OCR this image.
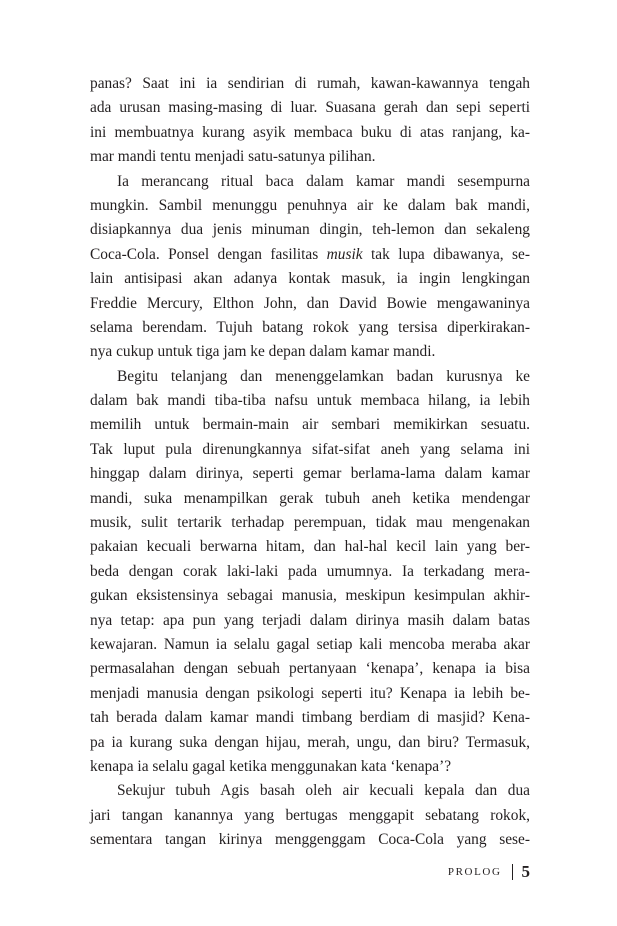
panas? Saat ini ia sendirian di rumah, kawan-kawannya tengah
ada urusan masing-masing di luar. Suasana gerah dan sepi seperti
ini membuatnya kurang asyik membaca buku di atas ranjang, ka-
mar mandi tentu menjadi satu-satunya pilihan.
Ia merancang ritual baca dalam kamar mandi sesempurna
mungkin. Sambil menunggu penuhnya air ke dalam bak mandi,
disiapkannya dua jenis minuman dingin, teh-lemon dan sekaleng
Coca-Cola. Ponsel dengan fasilitas musik tak lupa dibawanya, se-
lain antisipasi akan adanya kontak masuk, ia ingin lengkingan
Freddie Mercury, Elthon John, dan David Bowie mengawaninya
selama berendam. Tujuh batang rokok yang tersisa diperkirakan-
nya cukup untuk tiga jam ke depan dalam kamar mandi.
Begitu telanjang dan menenggelamkan badan kurusnya ke
dalam bak mandi tiba-tiba nafsu untuk membaca hilang, ia lebih
memilih untuk bermain-main air sembari memikirkan sesuatu.
Tak luput pula direnungkannya sifat-sifat aneh yang selama ini
hinggap dalam dirinya, seperti gemar berlama-lama dalam kamar
mandi, suka menampilkan gerak tubuh aneh ketika mendengar
musik, sulit tertarik terhadap perempuan, tidak mau mengenakan
pakaian kecuali berwarna hitam, dan hal-hal kecil lain yang ber-
beda dengan corak laki-laki pada umumnya. Ia terkadang mera-
gukan eksistensinya sebagai manusia, meskipun kesimpulan akhir-
nya tetap: apa pun yang terjadi dalam dirinya masih dalam batas
kewajaran. Namun ia selalu gagal setiap kali mencoba meraba akar
permasalahan dengan sebuah pertanyaan ‘kenapa’, kenapa ia bisa
menjadi manusia dengan psikologi seperti itu? Kenapa ia lebih be-
tah berada dalam kamar mandi timbang berdiam di masjid? Kena-
pa ia kurang suka dengan hijau, merah, ungu, dan biru? Termasuk,
kenapa ia selalu gagal ketika menggunakan kata ‘kenapa’?
Sekujur tubuh Agis basah oleh air kecuali kepala dan dua
jari tangan kanannya yang bertugas menggapit sebatang rokok,
sementara tangan kirinya menggenggam Coca-Cola yang sese-
PROLOG 5
